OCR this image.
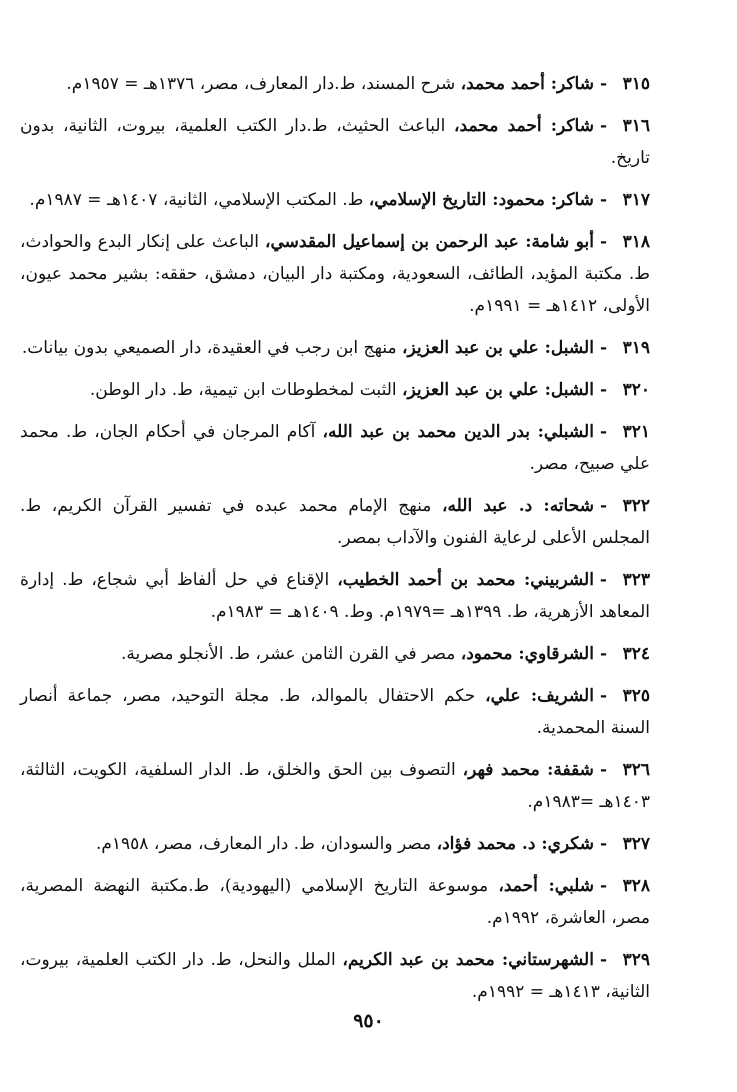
٣١٥-شاكر: أحمد محمد، شرح المسند، ط.دار المعارف، مصر، ١٣٧٦هـ = ١٩٥٧م.
٣١٦-شاكر: أحمد محمد، الباعث الحثيث، ط.دار الكتب العلمية، بيروت، الثانية، بدون تاريخ.
٣١٧-شاكر: محمود: التاريخ الإسلامي، ط. المكتب الإسلامي، الثانية، ١٤٠٧هـ = ١٩٨٧م.
٣١٨-أبو شامة: عبد الرحمن بن إسماعيل المقدسي، الباعث على إنكار البدع والحوادث، ط. مكتبة المؤيد، الطائف، السعودية، ومكتبة دار البيان، دمشق، حققه: بشير محمد عيون، الأولى، ١٤١٢هـ = ١٩٩١م.
٣١٩-الشبل: علي بن عبد العزيز، منهج ابن رجب في العقيدة، دار الصميعي بدون بيانات.
٣٢٠-الشبل: علي بن عبد العزيز، الثبت لمخطوطات ابن تيمية، ط. دار الوطن.
٣٢١-الشبلي: بدر الدين محمد بن عبد الله، آكام المرجان في أحكام الجان، ط. محمد علي صبيح، مصر.
٣٢٢-شحاته: د. عبد الله، منهج الإمام محمد عبده في تفسير القرآن الكريم، ط. المجلس الأعلى لرعاية الفنون والآداب بمصر.
٣٢٣-الشربيني: محمد بن أحمد الخطيب، الإقناع في حل ألفاظ أبي شجاع، ط. إدارة المعاهد الأزهرية، ط. ١٣٩٩هـ =١٩٧٩م. وط. ١٤٠٩هـ = ١٩٨٣م.
٣٢٤-الشرقاوي: محمود، مصر في القرن الثامن عشر، ط. الأنجلو مصرية.
٣٢٥-الشريف: علي، حكم الاحتفال بالموالد، ط. مجلة التوحيد، مصر، جماعة أنصار السنة المحمدية.
٣٢٦-شقفة: محمد فهر، التصوف بين الحق والخلق، ط. الدار السلفية، الكويت، الثالثة، ١٤٠٣هـ =١٩٨٣م.
٣٢٧-شكري: د. محمد فؤاد، مصر والسودان، ط. دار المعارف، مصر، ١٩٥٨م.
٣٢٨-شلبي: أحمد، موسوعة التاريخ الإسلامي (اليهودية)، ط.مكتبة النهضة المصرية، مصر، العاشرة، ١٩٩٢م.
٣٢٩-الشهرستاني: محمد بن عبد الكريم، الملل والنحل، ط. دار الكتب العلمية، بيروت، الثانية، ١٤١٣هـ = ١٩٩٢م.
٩٥٠
